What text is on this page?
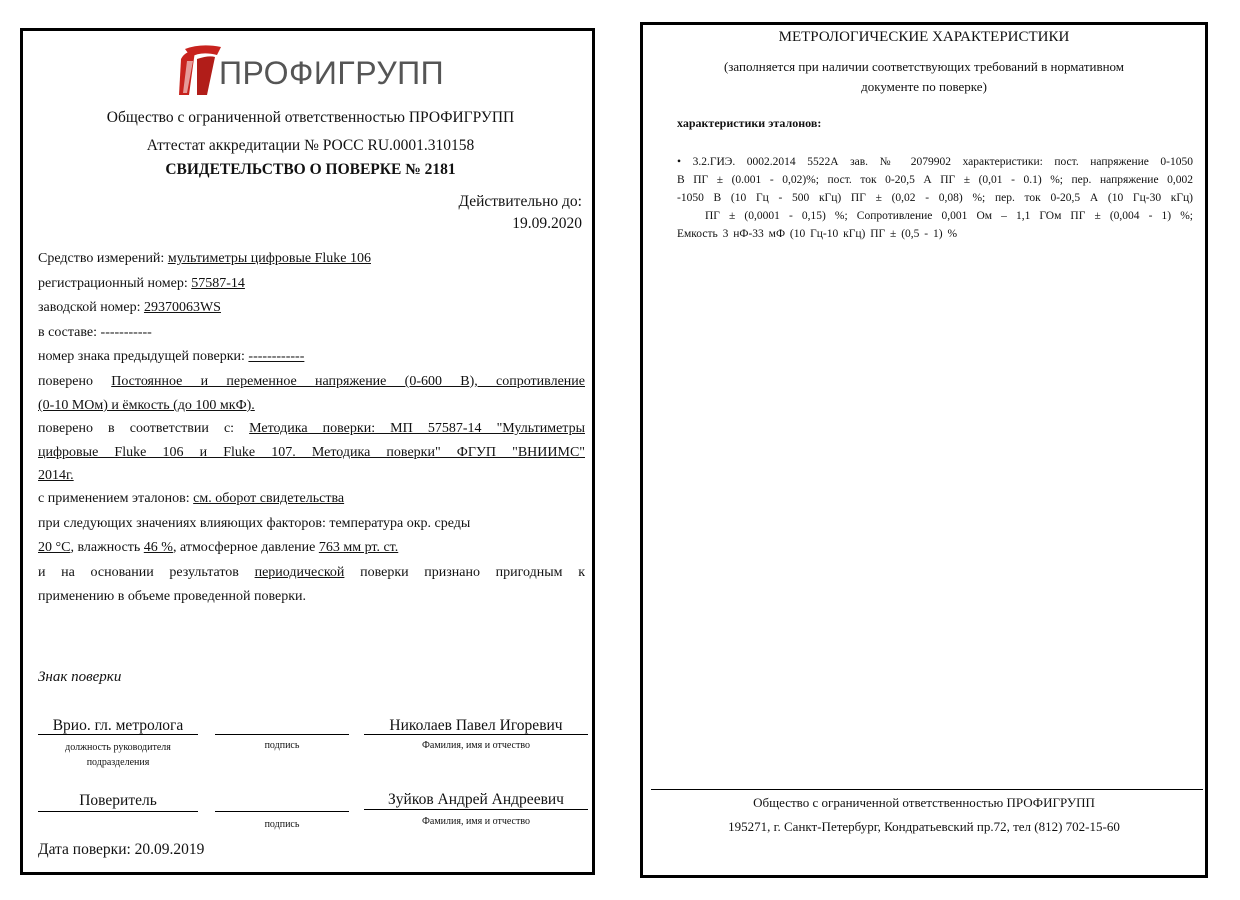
ПРОФИГРУПП
Общество с ограниченной ответственностью ПРОФИГРУПП
Аттестат аккредитации № РОСС RU.0001.310158
СВИДЕТЕЛЬСТВО О ПОВЕРКЕ № 2181
Действительно до:
19.09.2020
Средство измерений: мультиметры цифровые Fluke 106
регистрационный номер: 57587-14
заводской номер: 29370063WS
в составе: -----------
номер знака предыдущей поверки: ------------
поверено Постоянное и переменное напряжение (0-600 В), сопротивление
(0-10 МОм) и ёмкость (до 100 мкФ).
поверено в соответствии с: Методика поверки: МП 57587-14 "Мультиметры
цифровые Fluke 106 и Fluke 107. Методика поверки" ФГУП "ВНИИМС"
2014г.
с применением эталонов: см. оборот свидетельства
при следующих значениях влияющих факторов: температура окр. среды
20 °С, влажность 46 %, атмосферное давление 763 мм рт. ст.
и на основании результатов периодической поверки признано пригодным к
применению в объеме проведенной поверки.
Знак поверки
Врио. гл. метролога	Николаев Павел Игоревич
должность руководителя
подразделения
подпись	Фамилия, имя и отчество
Поверитель	Зуйков Андрей Андреевич
подпись	Фамилия, имя и отчество
Дата поверки: 20.09.2019
МЕТРОЛОГИЧЕСКИЕ ХАРАКТЕРИСТИКИ
(заполняется при наличии соответствующих требований в нормативном
документе по поверке)
характеристики эталонов:
• 3.2.ГИЭ. 0002.2014 5522А зав. № 2079902 характеристики: пост. напряжение 0-1050
В ПГ ± (0.001 - 0,02)%; пост. ток 0-20,5 А ПГ ± (0,01 - 0.1) %; пер. напряжение 0,002
-1050 В (10 Гц - 500 кГц) ПГ ± (0,02 - 0,08) %; пер. ток 0-20,5 А (10 Гц-30 кГц)
ПГ ± (0,0001 - 0,15) %; Сопротивление 0,001 Ом – 1,1 ГОм ПГ ± (0,004 - 1) %;
Емкость 3 нФ-33 мФ (10 Гц-10 кГц) ПГ ± (0,5 - 1) %
Общество с ограниченной ответственностью ПРОФИГРУПП
195271, г. Санкт-Петербург, Кондратьевский пр.72, тел (812) 702-15-60
